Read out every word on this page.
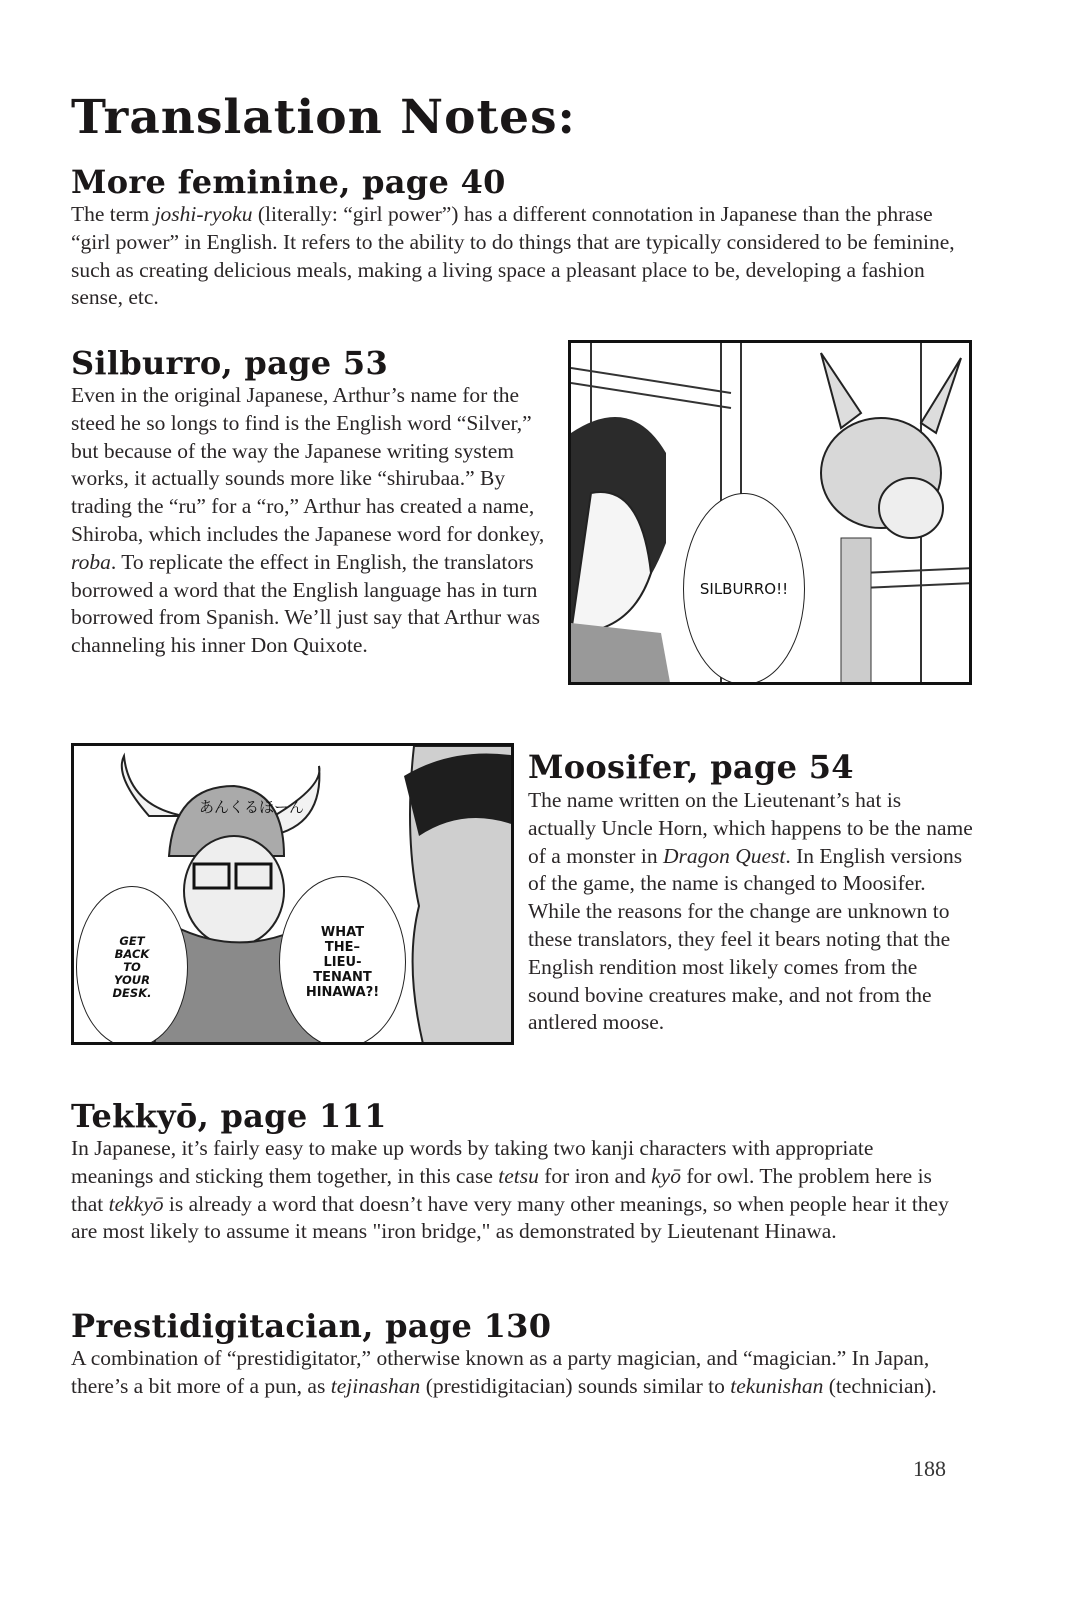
Translation Notes:
More feminine, page 40

The term joshi-ryoku (literally: “girl power”) has a different connotation in Japanese than the phrase “girl power” in English. It refers to the ability to do things that are typically considered to be feminine, such as creating delicious meals, making a living space a pleasant place to be, developing a fashion sense, etc.

Silburro, page 53

Even in the original Japanese, Arthur’s name for the steed he so longs to find is the English word “Silver,” but because of the way the Japanese writing system works, it actually sounds more like “shirubaa.” By trading the “ru” for a “ro,” Arthur has created a name, Shiroba, which includes the Japanese word for donkey, roba. To replicate the effect in English, the translators borrowed a word that the English language has in turn borrowed from Spanish. We’ll just say that Arthur was channeling his inner Don Quixote.

SILBURRO!!
あんくるほーん
GET
BACK
TO
YOUR
DESK.
WHAT
THE–
LIEU-
TENANT
HINAWA?!
Moosifer, page 54

The name written on the Lieutenant’s hat is actually Uncle Horn, which happens to be the name of a monster in Dragon Quest. In English versions of the game, the name is changed to Moosifer. While the reasons for the change are unknown to these translators, they feel it bears noting that the English rendition most likely comes from the sound bovine creatures make, and not from the antlered moose.

Tekkyō, page 111

In Japanese, it’s fairly easy to make up words by taking two kanji characters with appropriate meanings and sticking them together, in this case tetsu for iron and kyō for owl. The problem here is that tekkyō is already a word that doesn’t have very many other meanings, so when people hear it they are most likely to assume it means "iron bridge," as demonstrated by Lieutenant Hinawa.

Prestidigitacian, page 130

A combination of “prestidigitator,” otherwise known as a party magician, and “magician.” In Japan, there’s a bit more of a pun, as tejinashan (prestidigitacian) sounds similar to tekunishan (technician).

188
